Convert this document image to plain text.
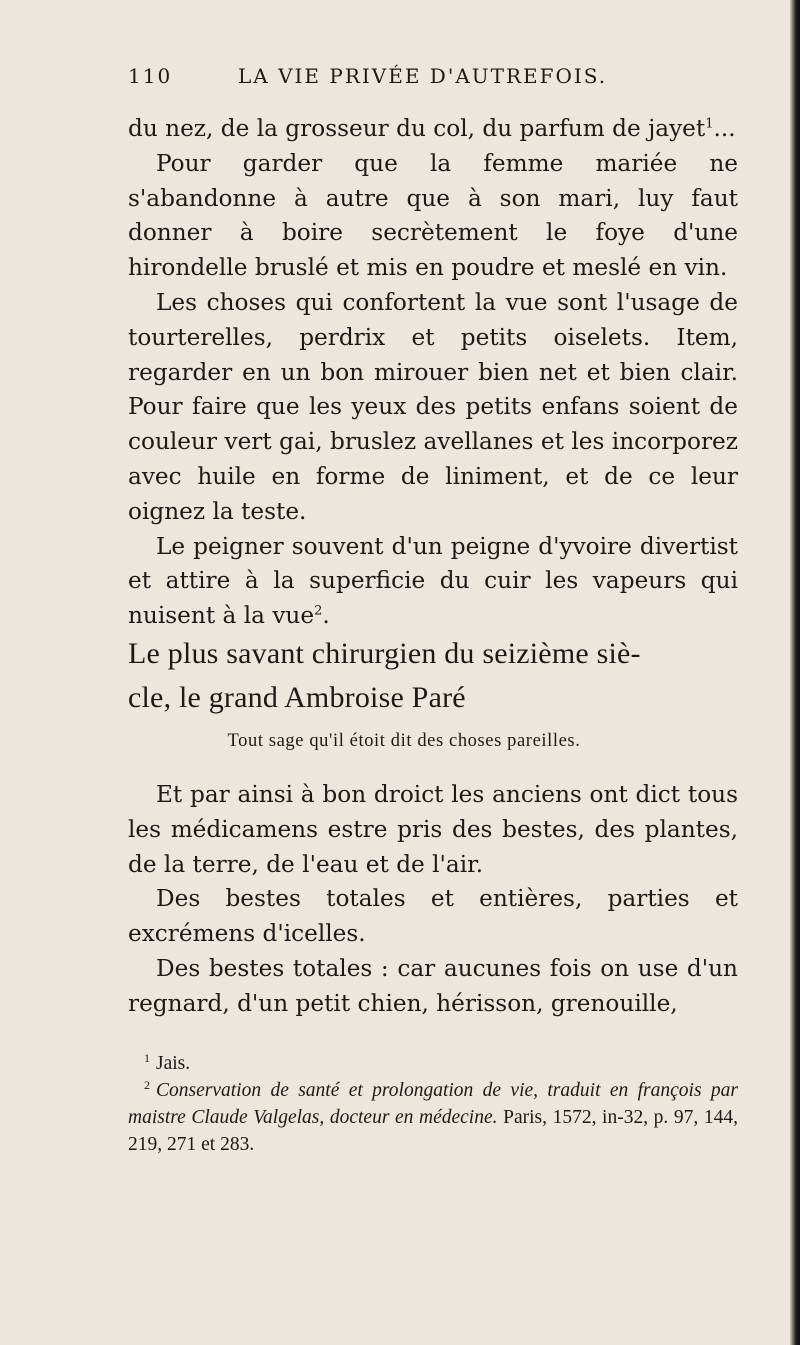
110	LA VIE PRIVÉE D'AUTREFOIS.

du nez, de la grosseur du col, du parfum de jayet$^1$...

Pour garder que la femme mariée ne s'abandonne à autre que à son mari, luy faut donner à boire secrètement le foye d'une hirondelle bruslé et mis en poudre et meslé en vin.

Les choses qui confortent la vue sont l'usage de tourterelles, perdrix et petits oiselets. Item, regarder en un bon mirouer bien net et bien clair. Pour faire que les yeux des petits enfans soient de couleur vert gai, bruslez avellanes et les incorporez avec huile en forme de liniment, et de ce leur oignez la teste.

Le peigner souvent d'un peigne d'yvoire divertist et attire à la superficie du cuir les vapeurs qui nuisent à la vue$^2$.

Le plus savant chirurgien du seizième siè-
cle, le grand Ambroise Paré
Tout sage qu'il étoit dit des choses pareilles.

Et par ainsi à bon droict les anciens ont dict tous les médicamens estre pris des bestes, des plantes, de la terre, de l'eau et de l'air.

Des bestes totales et entières, parties et excrémens d'icelles.

Des bestes totales : car aucunes fois on use d'un regnard, d'un petit chien, hérisson, grenouille,

$^1$ Jais.

$^2$ Conservation de santé et prolongation de vie, traduit en françois par maistre Claude Valgelas, docteur en médecine. Paris, 1572, in-32, p. 97, 144, 219, 271 et 283.
